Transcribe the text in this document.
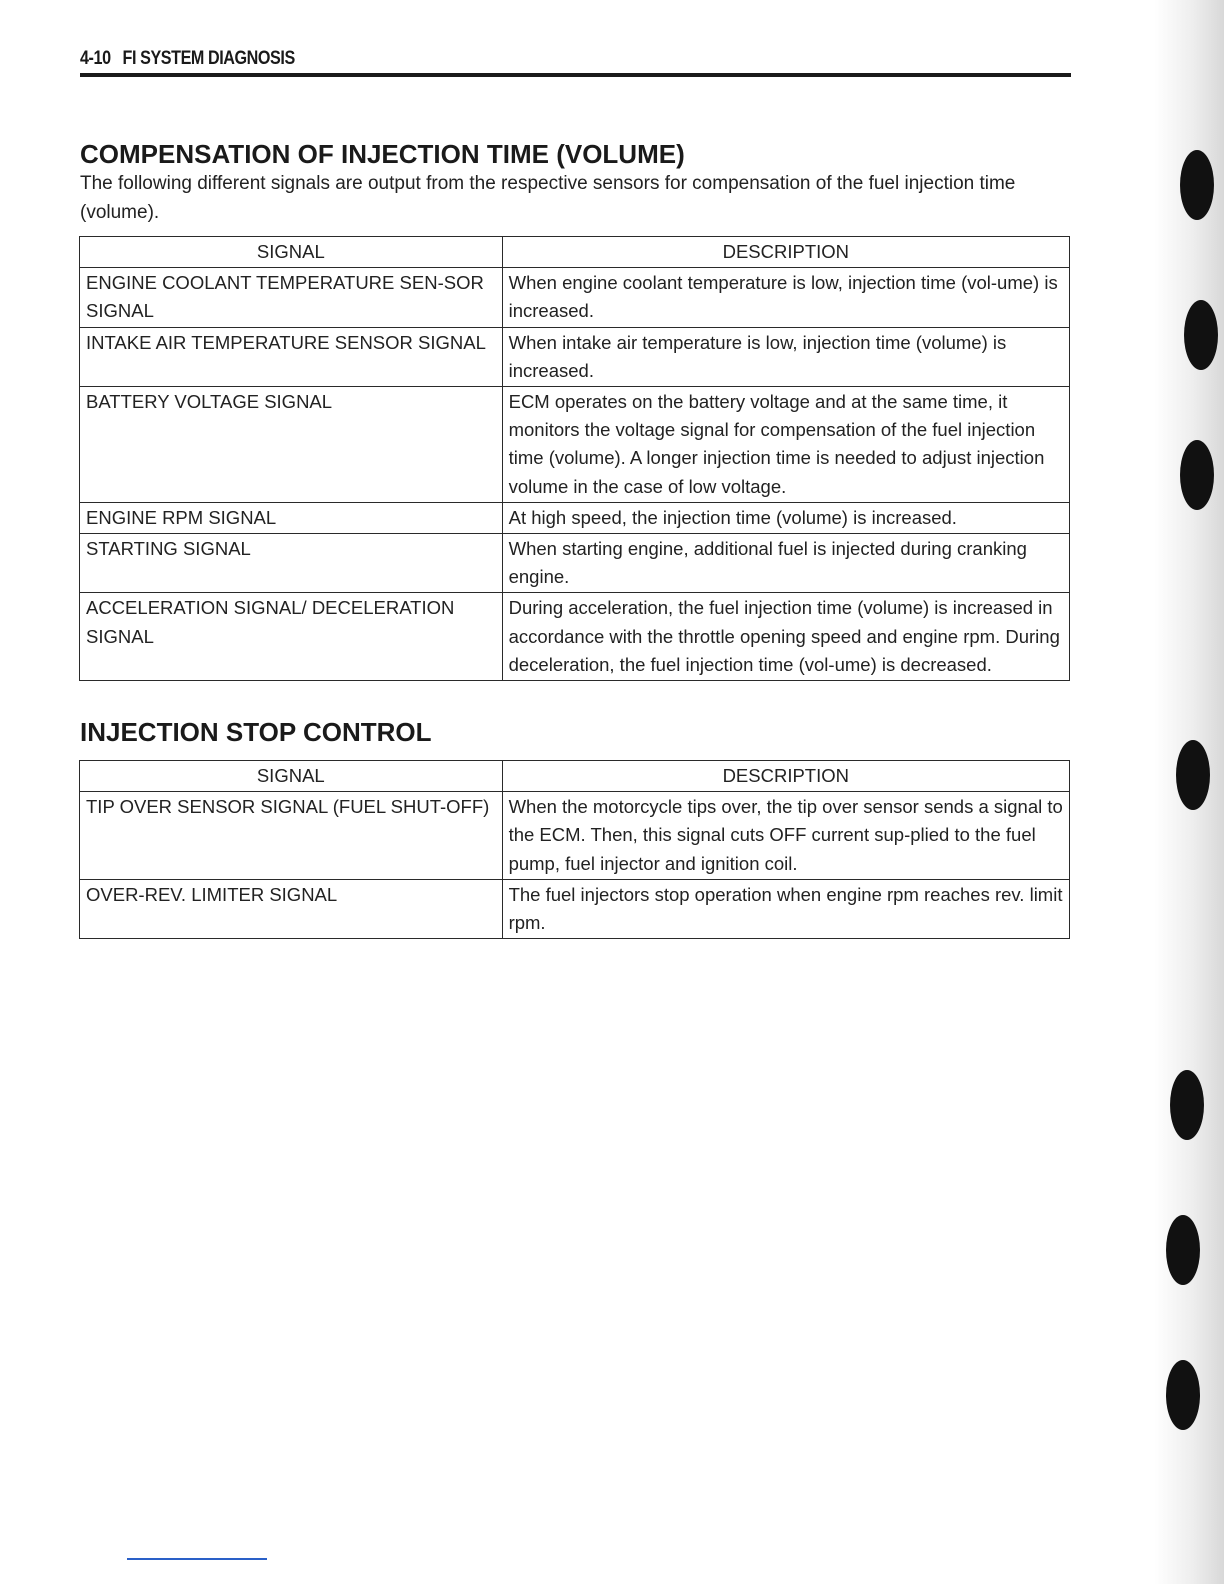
4-10 FI SYSTEM DIAGNOSIS
COMPENSATION OF INJECTION TIME (VOLUME)
The following different signals are output from the respective sensors for compensation of the fuel injection time (volume).
SIGNAL	DESCRIPTION
ENGINE COOLANT TEMPERATURE SEN-SOR SIGNAL	When engine coolant temperature is low, injection time (vol-ume) is increased.
INTAKE AIR TEMPERATURE SENSOR SIGNAL	When intake air temperature is low, injection time (volume) is increased.
BATTERY VOLTAGE SIGNAL	ECM operates on the battery voltage and at the same time, it monitors the voltage signal for compensation of the fuel injection time (volume). A longer injection time is needed to adjust injection volume in the case of low voltage.
ENGINE RPM SIGNAL	At high speed, the injection time (volume) is increased.
STARTING SIGNAL	When starting engine, additional fuel is injected during cranking engine.
ACCELERATION SIGNAL/ DECELERATION SIGNAL	During acceleration, the fuel injection time (volume) is increased in accordance with the throttle opening speed and engine rpm. During deceleration, the fuel injection time (vol-ume) is decreased.
INJECTION STOP CONTROL
SIGNAL	DESCRIPTION
TIP OVER SENSOR SIGNAL (FUEL SHUT-OFF)	When the motorcycle tips over, the tip over sensor sends a signal to the ECM. Then, this signal cuts OFF current sup-plied to the fuel pump, fuel injector and ignition coil.
OVER-REV. LIMITER SIGNAL	The fuel injectors stop operation when engine rpm reaches rev. limit rpm.
